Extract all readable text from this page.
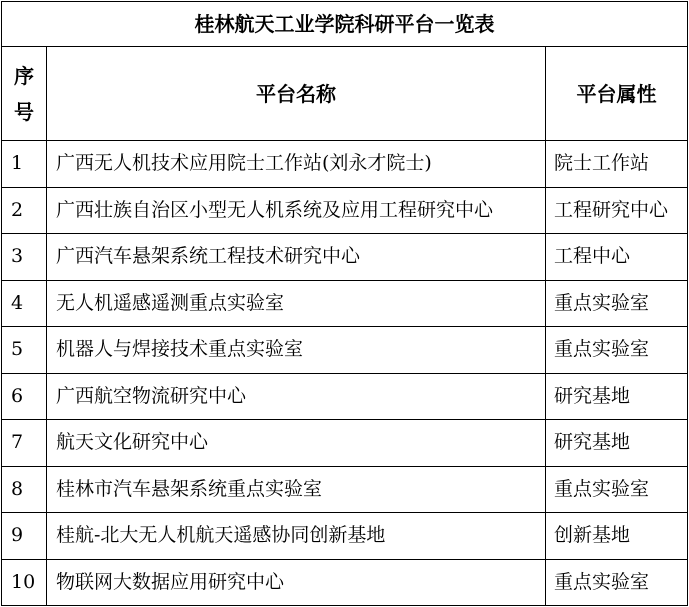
桂林航天工业学院科研平台一览表		

序
号	平台名称	平台属性
1	广西无人机技术应用院士工作站(刘永才院士)	院士工作站
2	广西壮族自治区小型无人机系统及应用工程研究中心	工程研究中心
3	广西汽车悬架系统工程技术研究中心	工程中心
4	无人机遥感遥测重点实验室	重点实验室
5	机器人与焊接技术重点实验室	重点实验室
6	广西航空物流研究中心	研究基地
7	航天文化研究中心	研究基地
8	桂林市汽车悬架系统重点实验室	重点实验室
9	桂航-北大无人机航天遥感协同创新基地	创新基地
10	物联网大数据应用研究中心	重点实验室
